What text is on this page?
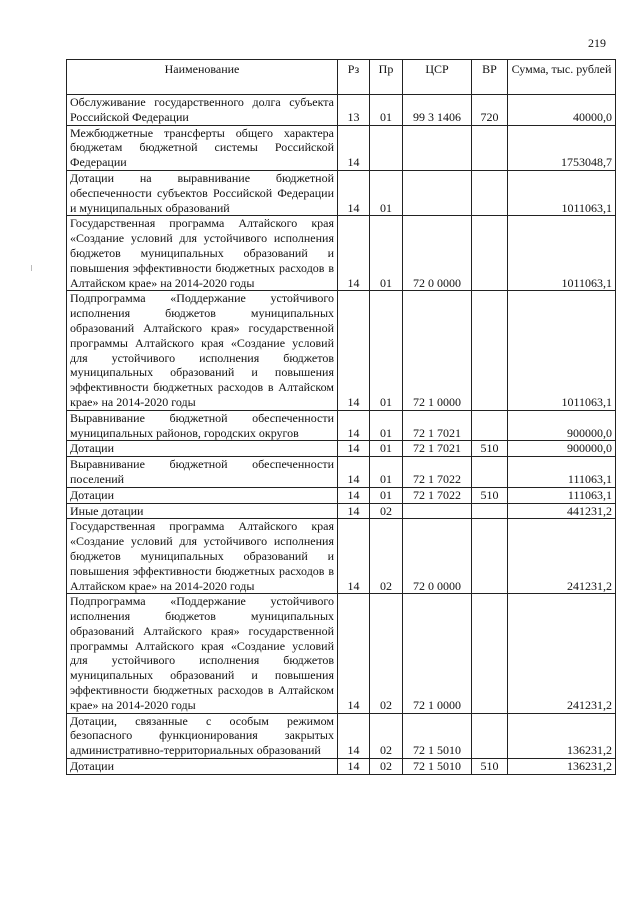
219
Наименование	Рз	Пр	ЦСР	ВР	Сумма, тыс. рублей
Обслуживание государственного долга субъекта Российской Федерации	13	01	99 3 1406	720	40000,0
Межбюджетные трансферты общего характера бюджетам бюджетной системы Российской Федерации	14				1753048,7
Дотации на выравнивание бюджетной обеспеченности субъектов Российской Федерации и муниципальных образований	14	01			1011063,1
Государственная программа Алтайского края «Создание условий для устойчивого исполнения бюджетов муниципальных образований и повышения эффективности бюджетных расходов в Алтайском крае» на 2014-2020 годы	14	01	72 0 0000		1011063,1
Подпрограмма «Поддержание устойчивого исполнения бюджетов муниципальных образований Алтайского края» государственной программы Алтайского края «Создание условий для устойчивого исполнения бюджетов муниципальных образований и повышения эффективности бюджетных расходов в Алтайском крае» на 2014-2020 годы	14	01	72 1 0000		1011063,1
Выравнивание бюджетной обеспеченности муниципальных районов, городских округов	14	01	72 1 7021		900000,0
Дотации	14	01	72 1 7021	510	900000,0
Выравнивание бюджетной обеспеченности поселений	14	01	72 1 7022		111063,1
Дотации	14	01	72 1 7022	510	111063,1
Иные дотации	14	02			441231,2
Государственная программа Алтайского края «Создание условий для устойчивого исполнения бюджетов муниципальных образований и повышения эффективности бюджетных расходов в Алтайском крае» на 2014-2020 годы	14	02	72 0 0000		241231,2
Подпрограмма «Поддержание устойчивого исполнения бюджетов муниципальных образований Алтайского края» государственной программы Алтайского края «Создание условий для устойчивого исполнения бюджетов муниципальных образований и повышения эффективности бюджетных расходов в Алтайском крае» на 2014-2020 годы	14	02	72 1 0000		241231,2
Дотации, связанные с особым режимом безопасного функционирования закрытых административно-территориальных образований	14	02	72 1 5010		136231,2
Дотации	14	02	72 1 5010	510	136231,2
